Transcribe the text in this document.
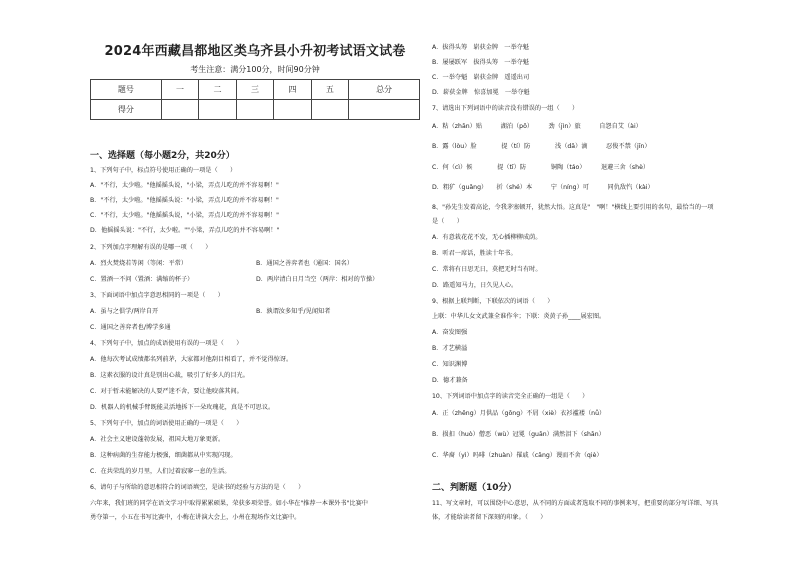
2024年西藏昌都地区类乌齐县小升初考试语文试卷
考生注意：满分100分，时间90分钟
题号	一	二	三	四	五	总分
得分						
一、选择题（每小题2分，共20分）
1、下列句子中，标点符号使用正确的一项是（　　）
A．"不行，太少啦。"他摇摇头说，"小梁，弄点儿吃的并不容易啊！"
B．"不行，太少啦。"他摇摇头说："小梁，弄点儿吃的并不容易啊！"
C．"不行，太少啦。"他摇摇头说，"小梁，弄点儿吃的并不容易啊！"
D．他摇摇头说："不行，太少啦。""小梁，弄点儿吃的并不容易啊！"
2、下列加点字理解有误的是哪一项（　　）
A．烈火焚烧若等闲（等闲：平常）	B．通国之善弈者也（通国：国名）
C．置酒一不问（置酒：满缩的杯子）	D．两岸清白日月当空（两岸：相对的节操）
3、下面词语中加点字意思相同的一项是（　　）
A．虽与之俱学/两岸自开	B．孰谓汝多知乎/见闻知者
C．通国之善弈者也/博学多通
4、下列句子中，加点的成语使用有误的一项是（　　）
A．他每次考试成绩都名列前茅，大家都对他刮目相看了，并不觉得惊讶。
B．这素衣服的设计真是别出心裁，吸引了好多人的目光。
C．对于暂未能解决的人要严迷不舍，要让他咬落其间。
D．机器人的机械手臂既能灵活地拆下一朵玫瑰花，真是不可思议。
5、下列句子中，加点的词语使用正确的一项是（　　）
A．社会主义建设蓬勃发展，祖国大地万象更新。
B．这种病菌的生存能力极强，细菌都从中实现闪现。
C．在共荣乱的岁月里，人们过着寂寥一息的生活。
6、请句子与所给的意思相符合的词语填空，是读书的经验与方法的是（　　）
六年来，我们班的同学在语文学习中取得累累硕果，荣获多项荣誉。如小华在"推荐一本课外书"比赛中
勇夺第一，小五在书写比赛中，小梅在讲演大会上，小州在现场作文比赛中。
A．拔得头筹　崭获金牌　一举夺魁
B．屡屡跃军　拔得头筹　一举夺魁
C．一举夺魁　崭获金牌　遥遥出司
D．崭获金牌　惊喜加冕　一举夺魁
7、请选出下列词语中的读音没有错误的一组（　　）
A．粘（zhān）贴　　　湖泊（pō）　　　劲（jìn）旅　　　自怨自艾（ài）
B．露（lòu）脸　　　　提（tí）防　　　　浅（dā）滴　　　忍俊不禁（jīn）
C．何（cì）候　　　　提（tī）防　　　　铜陶（táo）　　　退避三舍（shè）
D．粗犷（guǎng）　　折（shé）本　　　宁（níng）可　　　同仇敌忾（kài）
8、"孙先生发着高论，令我茅塞顿开，犹然大悟。这真是"　"啊！"横线上要引用的名句，最恰当的一项
是（　　）
A．有意栽花花不发，无心插柳柳成荫。
B．听君一席话，胜读十年书。
C．常将有日思无日，莫把无时当有时。
D．路遥知马力，日久见人心。
9、根据上联判断，下联依次的词语（　　）
上联：中华儿女文武兼全谁作伞；下联：炎黄子孙____展宏图。
A．奋发图强
B．才艺横溢
C．知识渊博
D．德才兼备
10、下列词语中加点字的读音完全正确的一组是（　　）
A．正（zhēng）月供品（gōng）不屑（xiè）衣衫褴褛（nǚ）
B．损扣（huò）僧恶（wù）冠冕（guān）满然泪下（shān）
C．华裔（yì）吗啡（zhuàn）罹戚（cāng）谩而不舍（qiè）
二、判断题（10分）
11、写文章时，可以围绕中心意思，从不同的方面或者选取不同的事例来写，把重要的部分写详细、写具
体，才能给读者留下深刻的印象。（　　）
